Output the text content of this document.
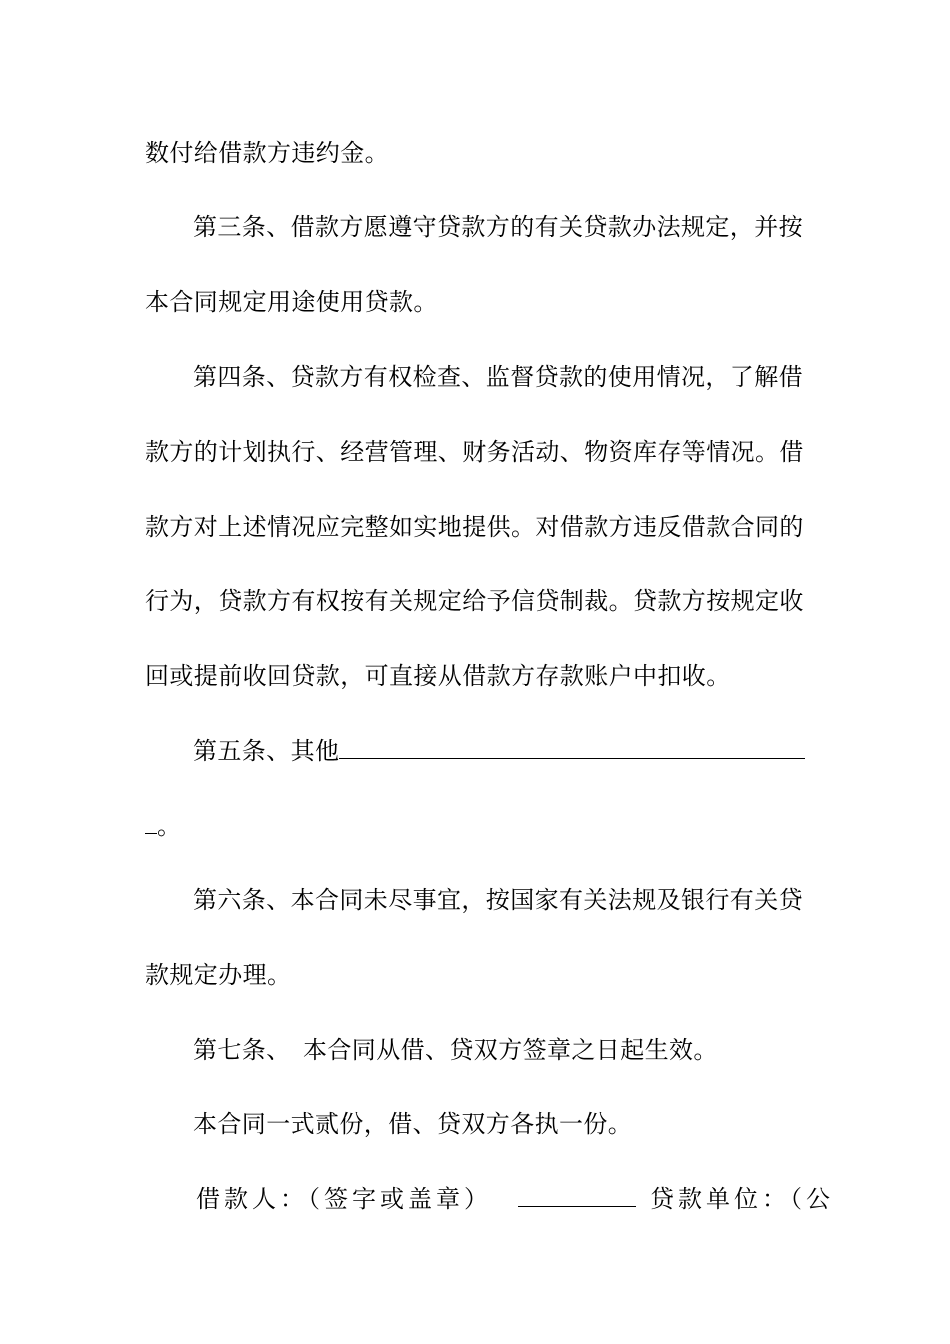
数付给借款方违约金。
第三条、借款方愿遵守贷款方的有关贷款办法规定，并按
本合同规定用途使用贷款。
第四条、贷款方有权检查、监督贷款的使用情况，了解借
款方的计划执行、经营管理、财务活动、物资库存等情况。借
款方对上述情况应完整如实地提供。对借款方违反借款合同的
行为，贷款方有权按有关规定给予信贷制裁。贷款方按规定收
回或提前收回贷款，可直接从借款方存款账户中扣收。
第五条、其他
。
第六条、本合同未尽事宜，按国家有关法规及银行有关贷
款规定办理。
第七条、　本合同从借、贷双方签章之日起生效。
本合同一式贰份，借、贷双方各执一份。
借款人：（签字或盖章）	贷款单位：（公
